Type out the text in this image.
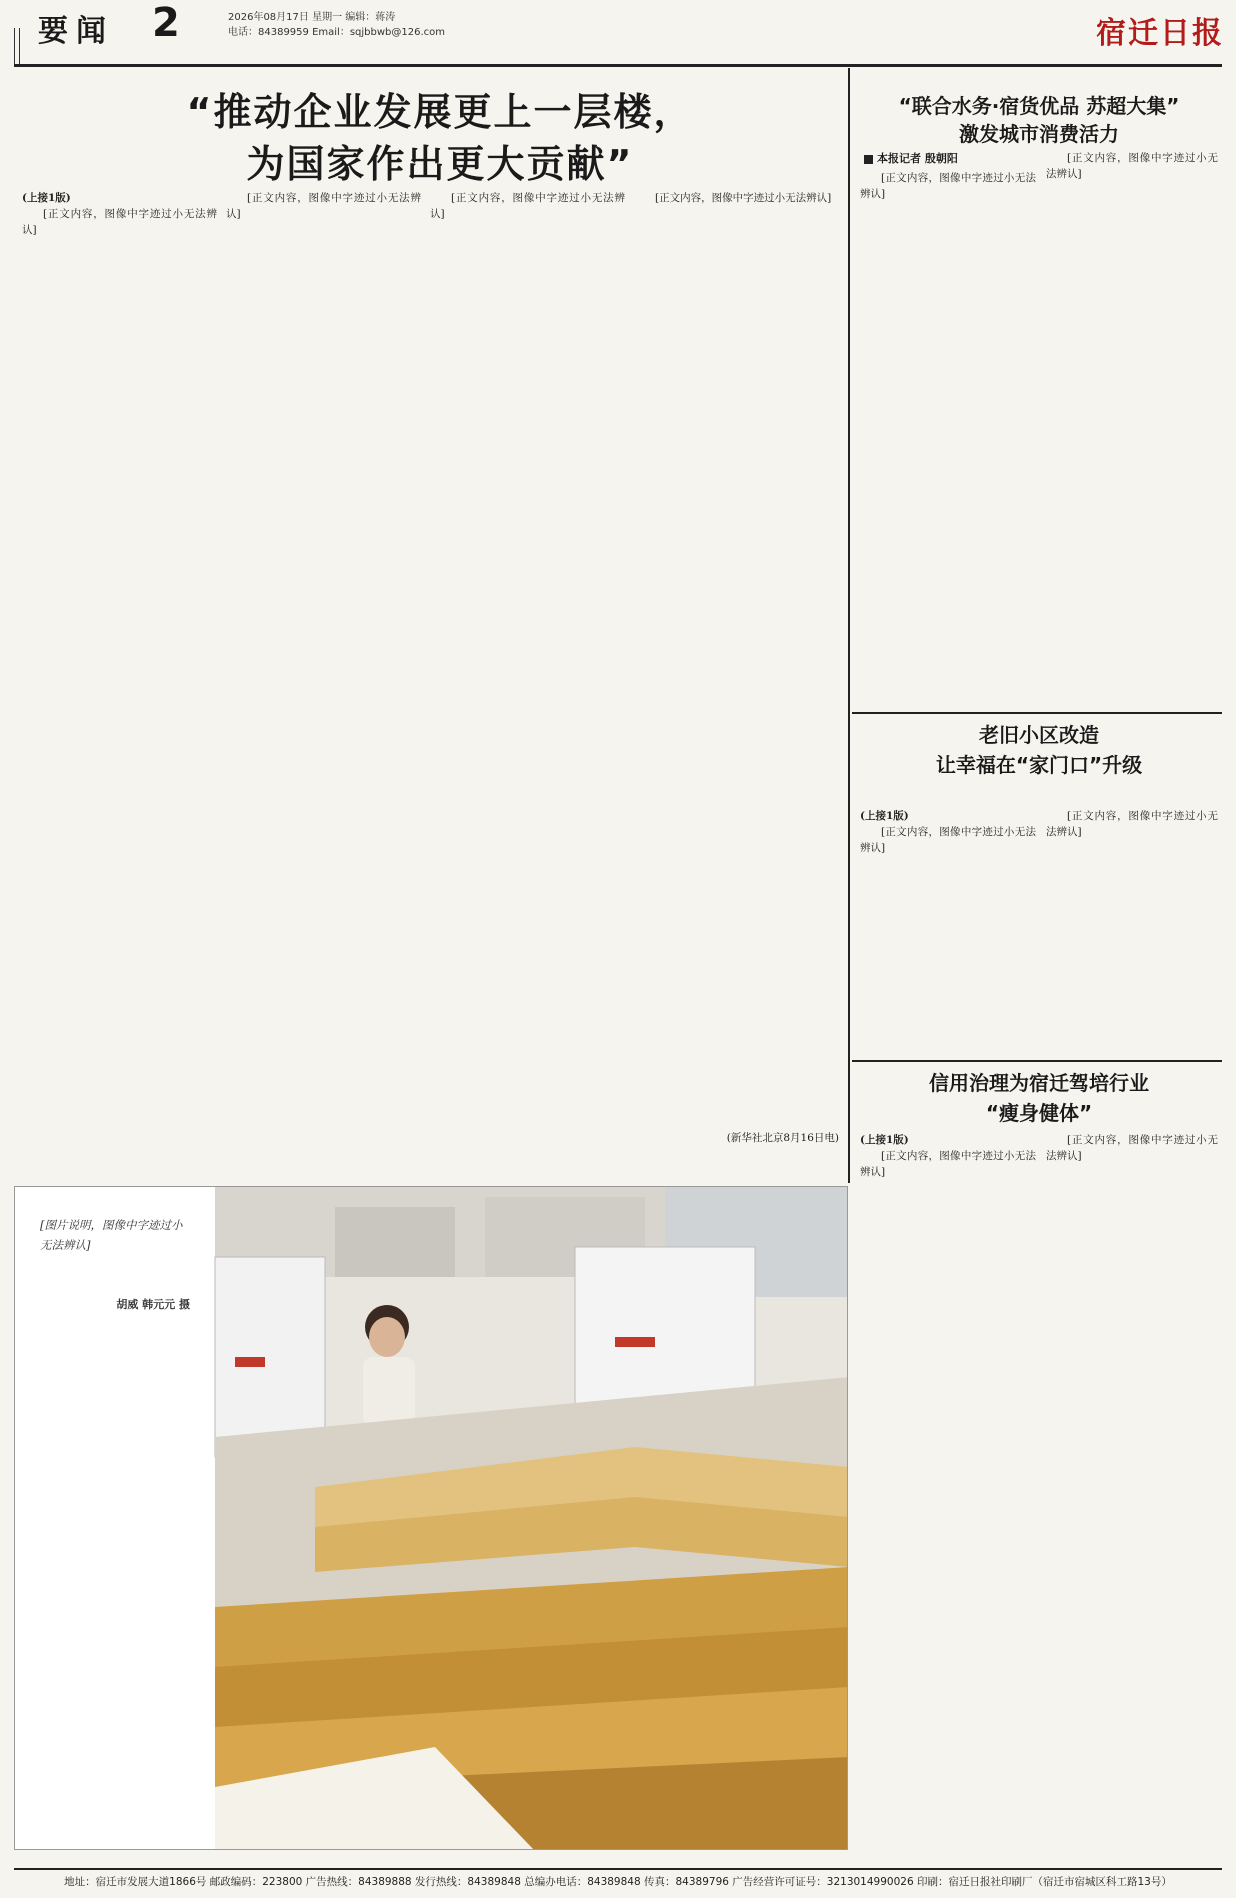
要闻 2	2026年08月17日 星期一 编辑：蒋涛
电话：84389959 Email：sqjbbwb@126.com	宿迁日报
“推动企业发展更上一层楼，
为国家作出更大贡献”

(上接1版)

[正文内容，图像中字迹过小无法辨认]

[正文内容，图像中字迹过小无法辨认]

[正文内容，图像中字迹过小无法辨认]

[正文内容，图像中字迹过小无法辨认]

(新华社北京8月16日电)
“联合水务·宿货优品 苏超大集”
激发城市消费活力
本报记者 殷朝阳

[正文内容，图像中字迹过小无法辨认]

[正文内容，图像中字迹过小无法辨认]

老旧小区改造
让幸福在“家门口”升级

(上接1版)

[正文内容，图像中字迹过小无法辨认]

[正文内容，图像中字迹过小无法辨认]

信用治理为宿迁驾培行业
“瘦身健体”

(上接1版)

[正文内容，图像中字迹过小无法辨认]

[正文内容，图像中字迹过小无法辨认]

[图片说明，图像中字迹过小无法辨认]
胡威 韩元元 摄
地址：宿迁市发展大道1866号 邮政编码：223800 广告热线：84389888 发行热线：84389848 总编办电话：84389848 传真：84389796 广告经营许可证号：3213014990026 印刷：宿迁日报社印刷厂（宿迁市宿城区科工路13号）
